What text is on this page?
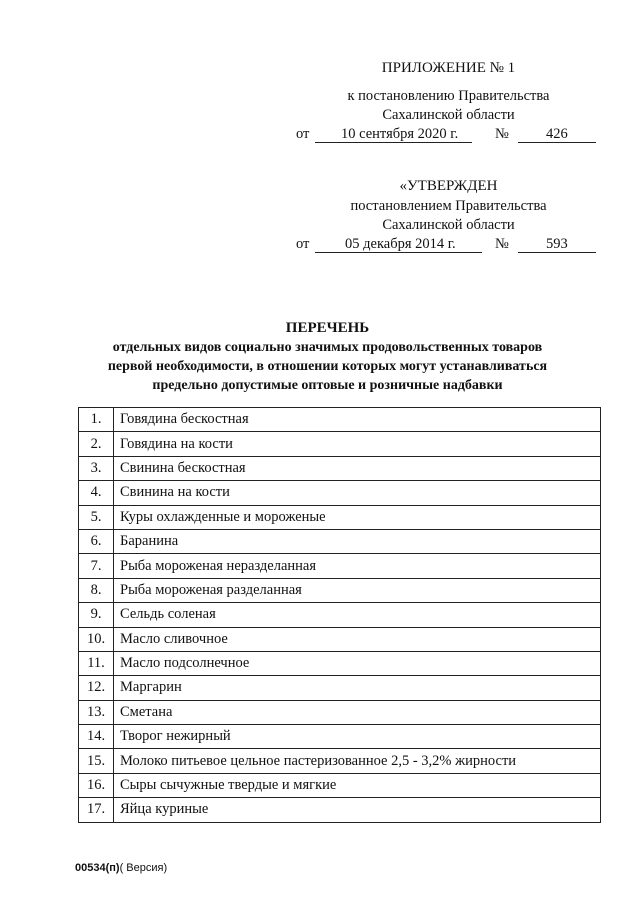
ПРИЛОЖЕНИЕ № 1
к постановлению Правительства
Сахалинской области
от 10 сентября 2020 г.	№	426
«УТВЕРЖДЕН
постановлением Правительства
Сахалинской области
от 05 декабря 2014 г.	№	593
ПЕРЕЧЕНЬ
отдельных видов социально значимых продовольственных товаров
первой необходимости, в отношении которых могут устанавливаться
предельно допустимые оптовые и розничные надбавки
1.	Говядина бескостная
2.	Говядина на кости
3.	Свинина бескостная
4.	Свинина на кости
5.	Куры охлажденные и мороженые
6.	Баранина
7.	Рыба мороженая неразделанная
8.	Рыба мороженая разделанная
9.	Сельдь соленая
10.	Масло сливочное
11.	Масло подсолнечное
12.	Маргарин
13.	Сметана
14.	Творог нежирный
15.	Молоко питьевое цельное пастеризованное 2,5 - 3,2% жирности
16.	Сыры сычужные твердые и мягкие
17.	Яйца куриные
00534(п)( Версия)
